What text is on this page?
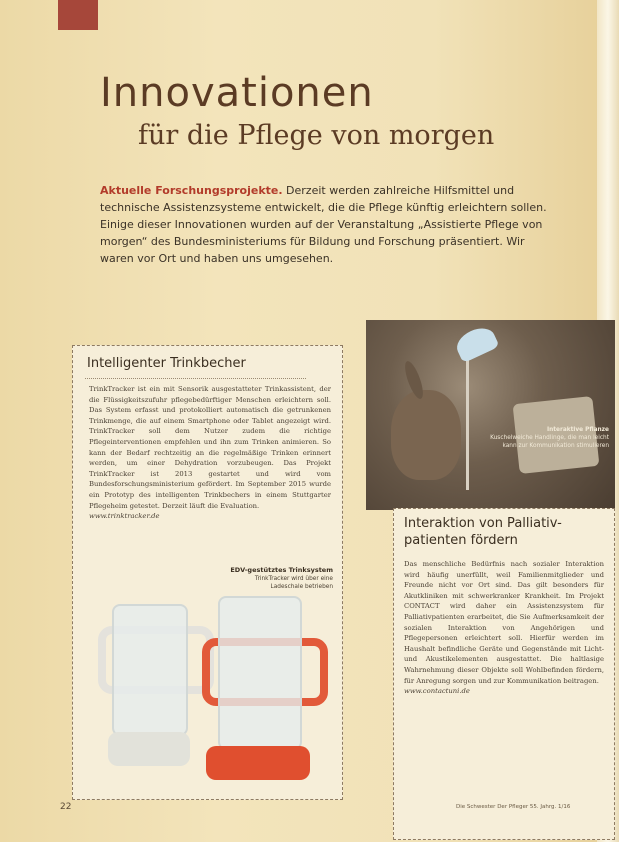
Innovationen
für die Pflege von morgen

Aktuelle Forschungsprojekte. Derzeit werden zahlreiche Hilfsmittel und technische Assistenzsysteme entwickelt, die die Pflege künftig erleichtern sollen. Einige dieser Innovationen wurden auf der Veranstaltung „Assistierte Pflege von morgen“ des Bundesministeriums für Bildung und Forschung präsentiert. Wir waren vor Ort und haben uns umgesehen.

Intelligenter Trinkbecher

TrinkTracker ist ein mit Sensorik ausgestatteter Trinkassistent, der die Flüssigkeitszufuhr pflegebedürftiger Menschen erleichtern soll. Das System erfasst und protokolliert automatisch die getrunkenen Trinkmenge, die auf einem Smartphone oder Tablet angezeigt wird. TrinkTracker soll dem Nutzer zudem die richtige Pflegeinterventionen empfehlen und ihn zum Trinken animieren. So kann der Bedarf rechtzeitig an die regelmäßige Trinken erinnert werden, um einer Dehydration vorzubeugen. Das Projekt TrinkTracker ist 2013 gestartet und wird vom Bundesforschungsministerium gefördert. Im September 2015 wurde ein Prototyp des intelligenten Trinkbechers in einem Stuttgarter Pflegeheim getestet. Derzeit läuft die Evaluation.
www.trinktracker.de

EDV-gestütztes Trinksystem
TrinkTracker wird über eine Ladeschale betrieben
Interaktive Pflanze
Kuschelweiche Handlinge, die man leicht kann zur Kommunikation stimulieren
Interaktion von Palliativ-patienten fördern

Das menschliche Bedürfnis nach sozialer Interaktion wird häufig unerfüllt, weil Familienmitglieder und Freunde nicht vor Ort sind. Das gilt besonders für Akutkliniken mit schwerkranker Krankheit. Im Projekt CONTACT wird daher ein Assistenzsystem für Palliativpatienten erarbeitet, die Sie Aufmerksamkeit der sozialen Interaktion von Angehörigen und Pflegepersonen erleichtert soll. Hierfür werden im Haushalt befindliche Geräte und Gegenstände mit Licht- und Akustikelementen ausgestattet. Die haltlasige Wahrnehmung dieser Objekte soll Wohlbefinden fördern, für Anregung sorgen und zur Kommunikation beitragen.
www.contactuni.de

22	Die Schwester Der Pfleger 55. Jahrg. 1/16
